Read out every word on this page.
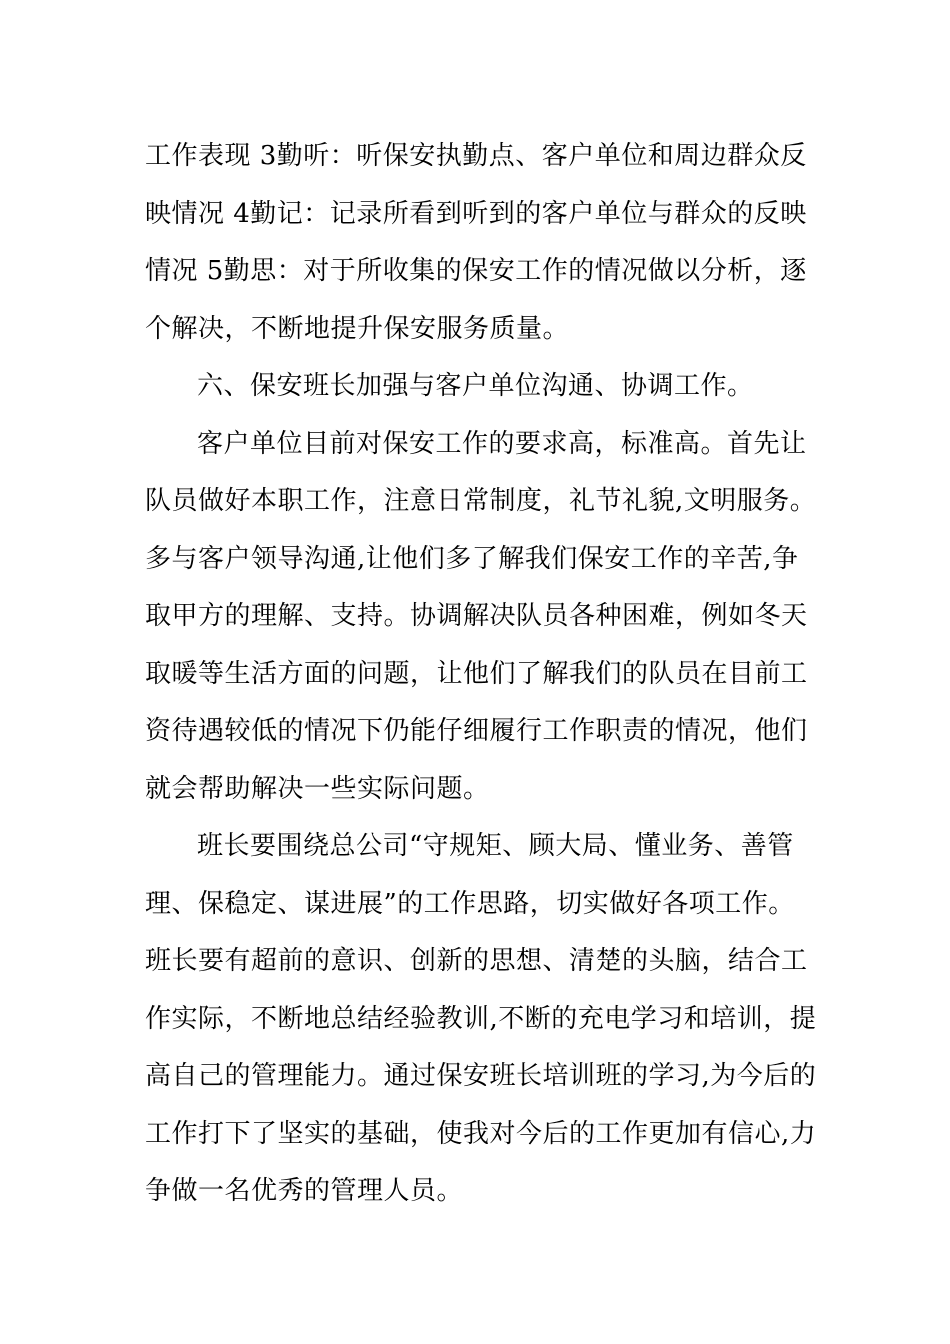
工作表现 3勤听：听保安执勤点、客户单位和周边群众反
映情况 4勤记：记录所看到听到的客户单位与群众的反映
情况 5勤思：对于所收集的保安工作的情况做以分析，逐
个解决，不断地提升保安服务质量。
六、保安班长加强与客户单位沟通、协调工作。
客户单位目前对保安工作的要求高，标准高。首先让
队员做好本职工作，注意日常制度，礼节礼貌,文明服务。
多与客户领导沟通,让他们多了解我们保安工作的辛苦,争
取甲方的理解、支持。协调解决队员各种困难，例如冬天
取暖等生活方面的问题，让他们了解我们的队员在目前工
资待遇较低的情况下仍能仔细履行工作职责的情况，他们
就会帮助解决一些实际问题。
班长要围绕总公司“守规矩、顾大局、懂业务、善管
理、保稳定、谋进展”的工作思路，切实做好各项工作。
班长要有超前的意识、创新的思想、清楚的头脑，结合工
作实际，不断地总结经验教训,不断的充电学习和培训，提
高自己的管理能力。通过保安班长培训班的学习,为今后的
工作打下了坚实的基础，使我对今后的工作更加有信心,力
争做一名优秀的管理人员。
